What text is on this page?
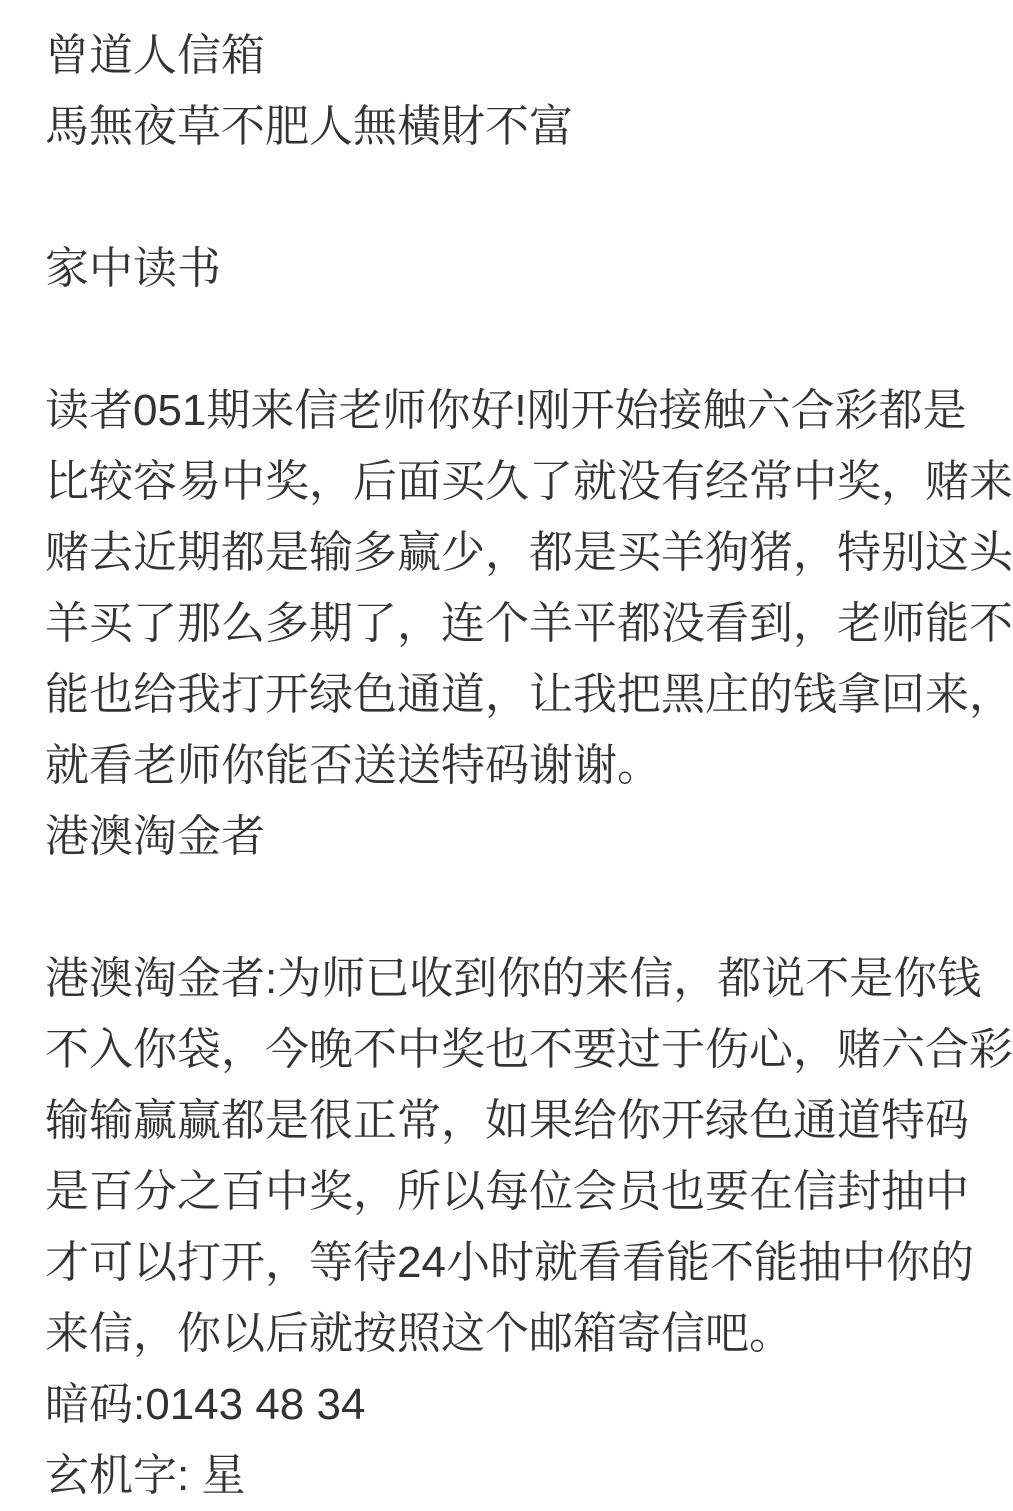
曾道人信箱
馬無夜草不肥人無橫財不富
家中读书
读者051期来信老师你好!刚开始接触六合彩都是
比较容易中奖，后面买久了就没有经常中奖，赌来
赌去近期都是输多赢少，都是买羊狗猪，特别这头
羊买了那么多期了，连个羊平都没看到，老师能不
能也给我打开绿色通道，让我把黑庄的钱拿回来，
就看老师你能否送送特码谢谢。
港澳淘金者
港澳淘金者:为师已收到你的来信，都说不是你钱
不入你袋，今晚不中奖也不要过于伤心，赌六合彩
输输赢赢都是很正常，如果给你开绿色通道特码
是百分之百中奖，所以每位会员也要在信封抽中
才可以打开，等待24小时就看看能不能抽中你的
来信，你以后就按照这个邮箱寄信吧。
暗码:0143 48 34
玄机字: 星
